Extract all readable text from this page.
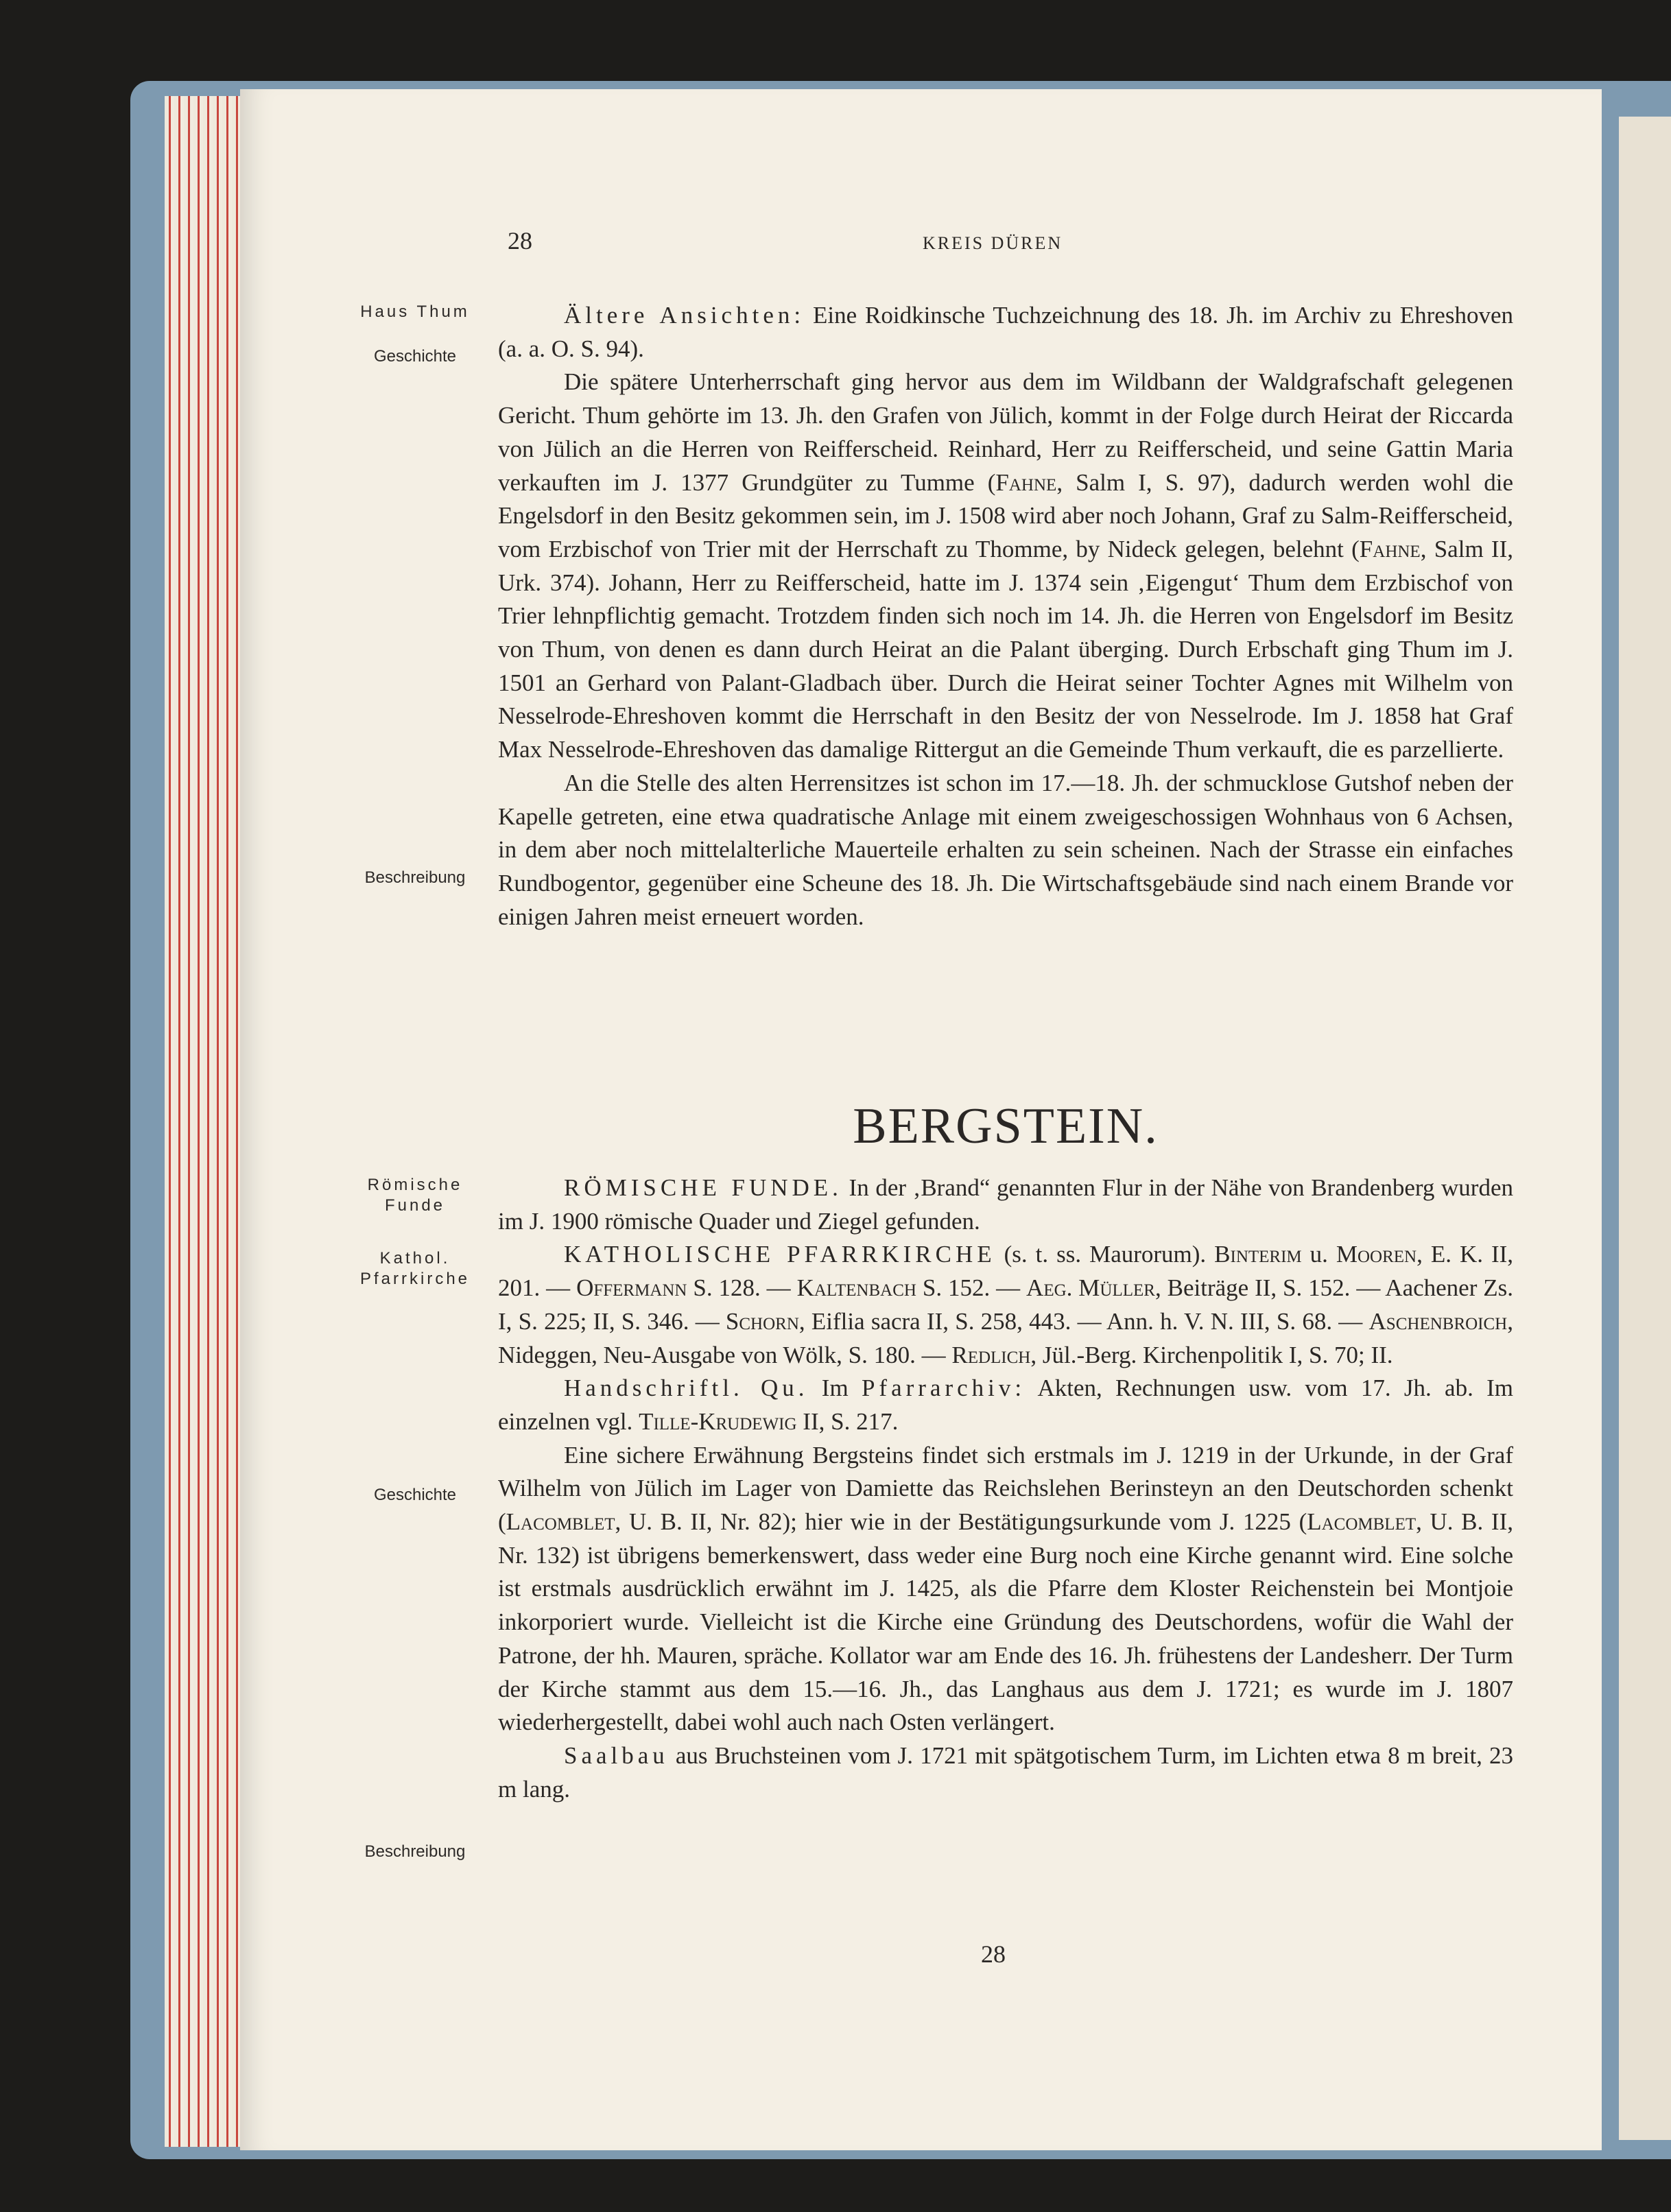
28	KREIS DÜREN
Haus Thum
Geschichte
Beschreibung
Römische Funde
Kathol. Pfarrkirche
Geschichte
Beschreibung

Ältere Ansichten: Eine Roidkinsche Tuchzeichnung des 18. Jh. im Archiv zu Ehreshoven (a. a. O. S. 94).

Die spätere Unterherrschaft ging hervor aus dem im Wildbann der Waldgrafschaft gelegenen Gericht. Thum gehörte im 13. Jh. den Grafen von Jülich, kommt in der Folge durch Heirat der Riccarda von Jülich an die Herren von Reifferscheid. Reinhard, Herr zu Reifferscheid, und seine Gattin Maria verkauften im J. 1377 Grundgüter zu Tumme (Fahne, Salm I, S. 97), dadurch werden wohl die Engelsdorf in den Besitz gekommen sein, im J. 1508 wird aber noch Johann, Graf zu Salm-Reifferscheid, vom Erzbischof von Trier mit der Herrschaft zu Thomme, by Nideck gelegen, belehnt (Fahne, Salm II, Urk. 374). Johann, Herr zu Reifferscheid, hatte im J. 1374 sein ‚Eigengut‘ Thum dem Erzbischof von Trier lehnpflichtig gemacht. Trotzdem finden sich noch im 14. Jh. die Herren von Engelsdorf im Besitz von Thum, von denen es dann durch Heirat an die Palant überging. Durch Erbschaft ging Thum im J. 1501 an Gerhard von Palant-Gladbach über. Durch die Heirat seiner Tochter Agnes mit Wilhelm von Nesselrode-Ehreshoven kommt die Herrschaft in den Besitz der von Nesselrode. Im J. 1858 hat Graf Max Nesselrode-Ehreshoven das damalige Rittergut an die Gemeinde Thum verkauft, die es parzellierte.

An die Stelle des alten Herrensitzes ist schon im 17.—18. Jh. der schmucklose Gutshof neben der Kapelle getreten, eine etwa quadratische Anlage mit einem zweigeschossigen Wohnhaus von 6 Achsen, in dem aber noch mittelalterliche Mauerteile erhalten zu sein scheinen. Nach der Strasse ein einfaches Rundbogentor, gegenüber eine Scheune des 18. Jh. Die Wirtschaftsgebäude sind nach einem Brande vor einigen Jahren meist erneuert worden.

BERGSTEIN.

RÖMISCHE FUNDE. In der ‚Brand“ genannten Flur in der Nähe von Brandenberg wurden im J. 1900 römische Quader und Ziegel gefunden.

KATHOLISCHE PFARRKIRCHE (s. t. ss. Maurorum). Binterim u. Mooren, E. K. II, 201. — Offermann S. 128. — Kaltenbach S. 152. — Aeg. Müller, Beiträge II, S. 152. — Aachener Zs. I, S. 225; II, S. 346. — Schorn, Eiflia sacra II, S. 258, 443. — Ann. h. V. N. III, S. 68. — Aschenbroich, Nideggen, Neu-Ausgabe von Wölk, S. 180. — Redlich, Jül.-Berg. Kirchenpolitik I, S. 70; II.

Handschriftl. Qu. Im Pfarrarchiv: Akten, Rechnungen usw. vom 17. Jh. ab. Im einzelnen vgl. Tille-Krudewig II, S. 217.

Eine sichere Erwähnung Bergsteins findet sich erstmals im J. 1219 in der Urkunde, in der Graf Wilhelm von Jülich im Lager von Damiette das Reichslehen Berinsteyn an den Deutschorden schenkt (Lacomblet, U. B. II, Nr. 82); hier wie in der Bestätigungsurkunde vom J. 1225 (Lacomblet, U. B. II, Nr. 132) ist übrigens bemerkenswert, dass weder eine Burg noch eine Kirche genannt wird. Eine solche ist erstmals ausdrücklich erwähnt im J. 1425, als die Pfarre dem Kloster Reichenstein bei Montjoie inkorporiert wurde. Vielleicht ist die Kirche eine Gründung des Deutschordens, wofür die Wahl der Patrone, der hh. Mauren, spräche. Kollator war am Ende des 16. Jh. frühestens der Landesherr. Der Turm der Kirche stammt aus dem 15.—16. Jh., das Langhaus aus dem J. 1721; es wurde im J. 1807 wiederhergestellt, dabei wohl auch nach Osten verlängert.

Saalbau aus Bruchsteinen vom J. 1721 mit spätgotischem Turm, im Lichten etwa 8 m breit, 23 m lang.

28
